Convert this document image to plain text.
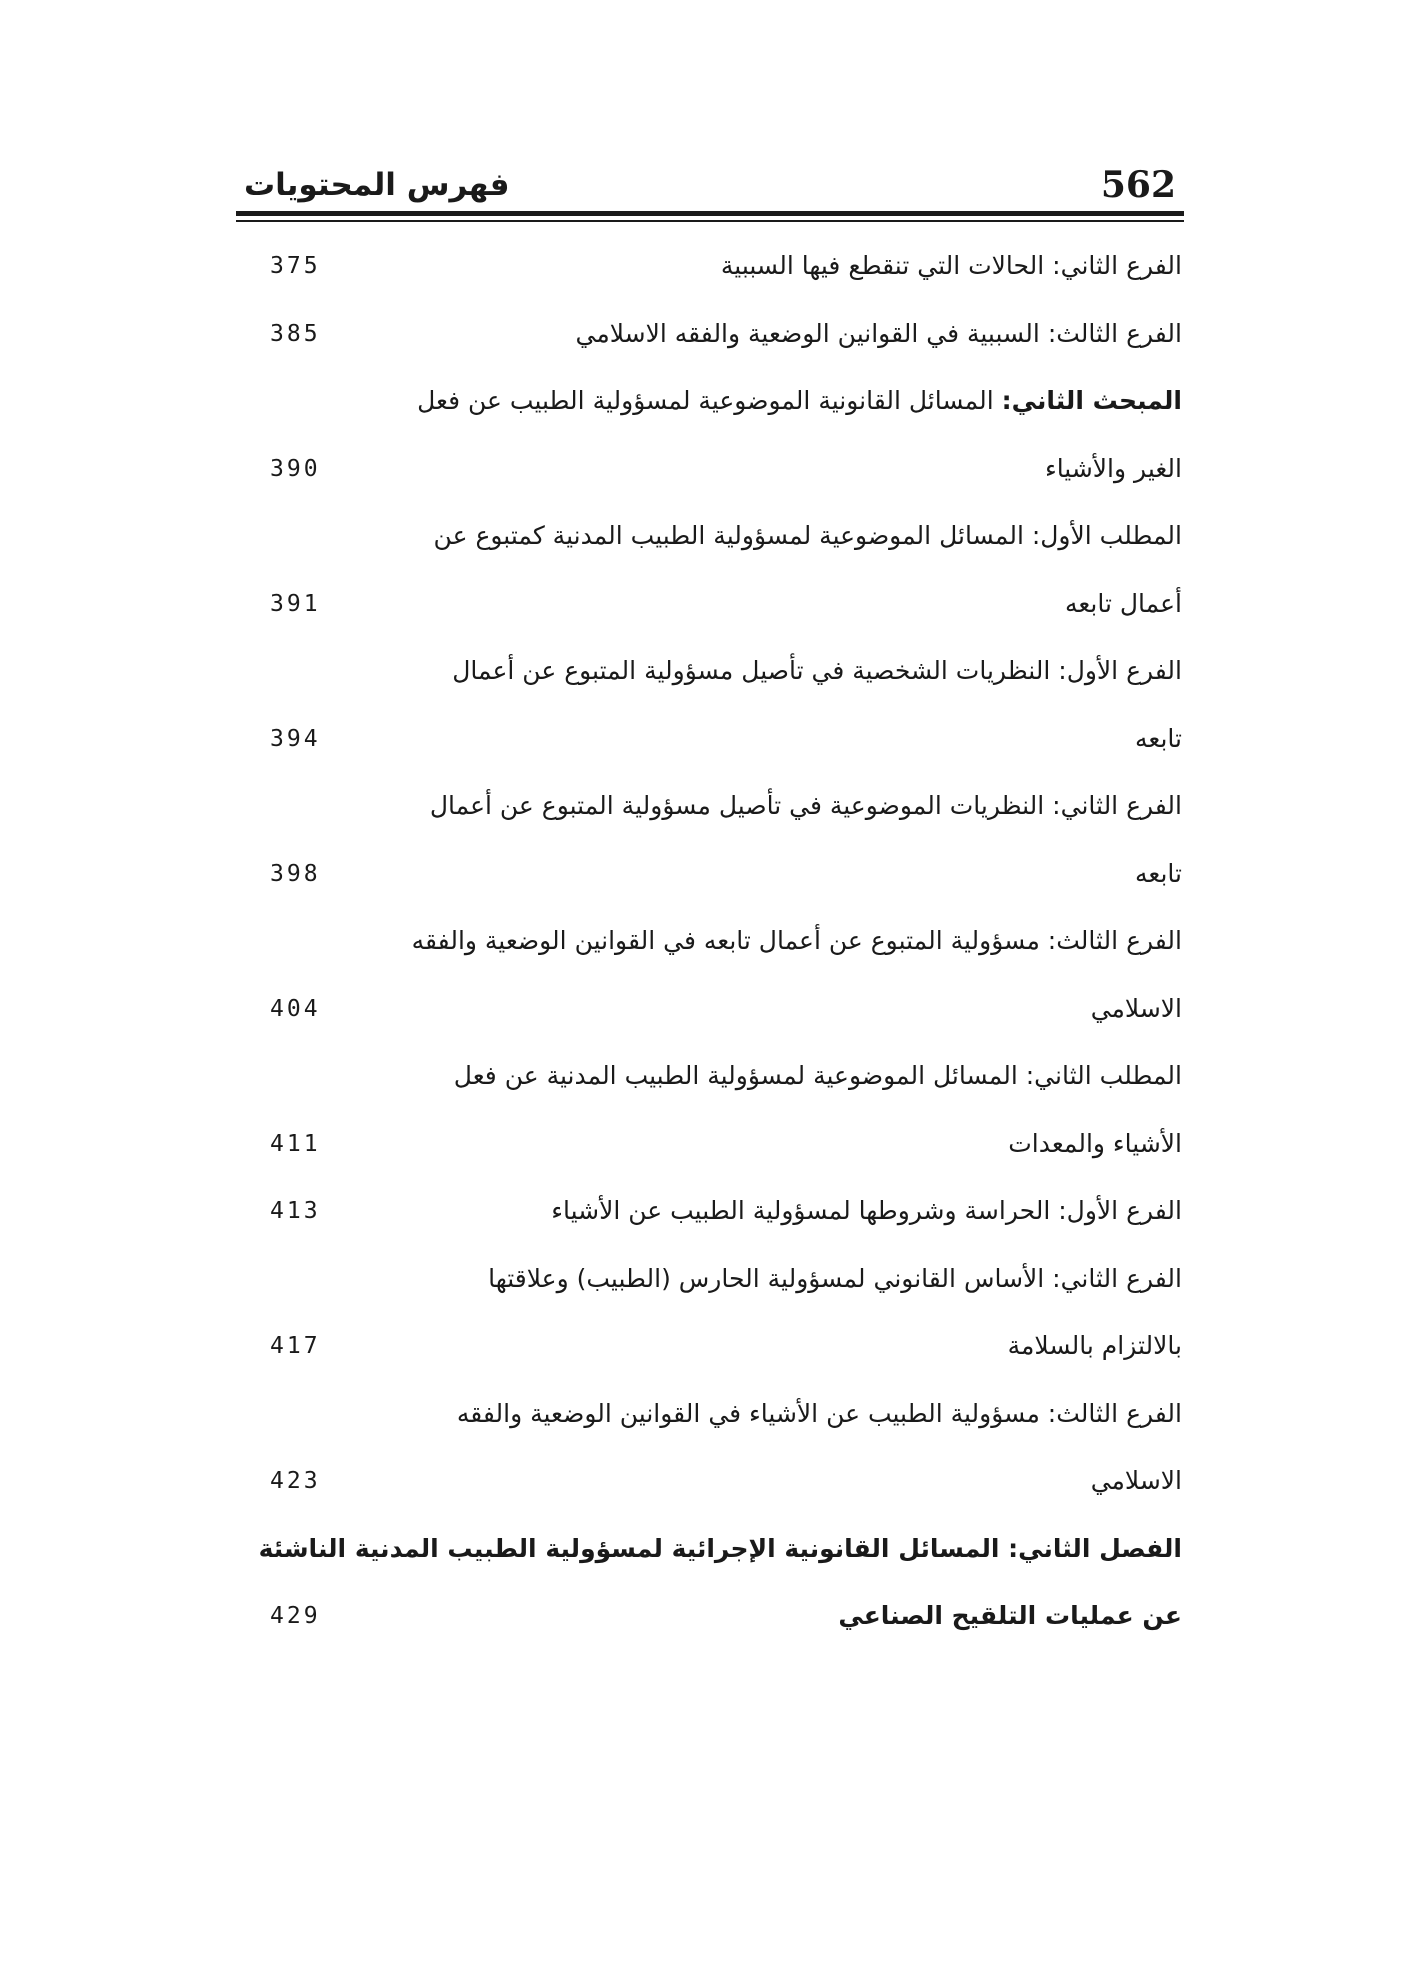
562
فهرس المحتويات
الفرع الثاني: الحالات التي تنقطع فيها السببية
375
الفرع الثالث: السببية في القوانين الوضعية والفقه الاسلامي
385
المبحث الثاني: المسائل القانونية الموضوعية لمسؤولية الطبيب عن فعل
الغير والأشياء
390
المطلب الأول: المسائل الموضوعية لمسؤولية الطبيب المدنية كمتبوع عن
أعمال تابعه
391
الفرع الأول: النظريات الشخصية في تأصيل مسؤولية المتبوع عن أعمال
تابعه
394
الفرع الثاني: النظريات الموضوعية في تأصيل مسؤولية المتبوع عن أعمال
تابعه
398
الفرع الثالث: مسؤولية المتبوع عن أعمال تابعه في القوانين الوضعية والفقه
الاسلامي
404
المطلب الثاني: المسائل الموضوعية لمسؤولية الطبيب المدنية عن فعل
الأشياء والمعدات
411
الفرع الأول: الحراسة وشروطها لمسؤولية الطبيب عن الأشياء
413
الفرع الثاني: الأساس القانوني لمسؤولية الحارس (الطبيب) وعلاقتها
بالالتزام بالسلامة
417
الفرع الثالث: مسؤولية الطبيب عن الأشياء في القوانين الوضعية والفقه
الاسلامي
423
الفصل الثاني: المسائل القانونية الإجرائية لمسؤولية الطبيب المدنية الناشئة
عن عمليات التلقيح الصناعي
429
